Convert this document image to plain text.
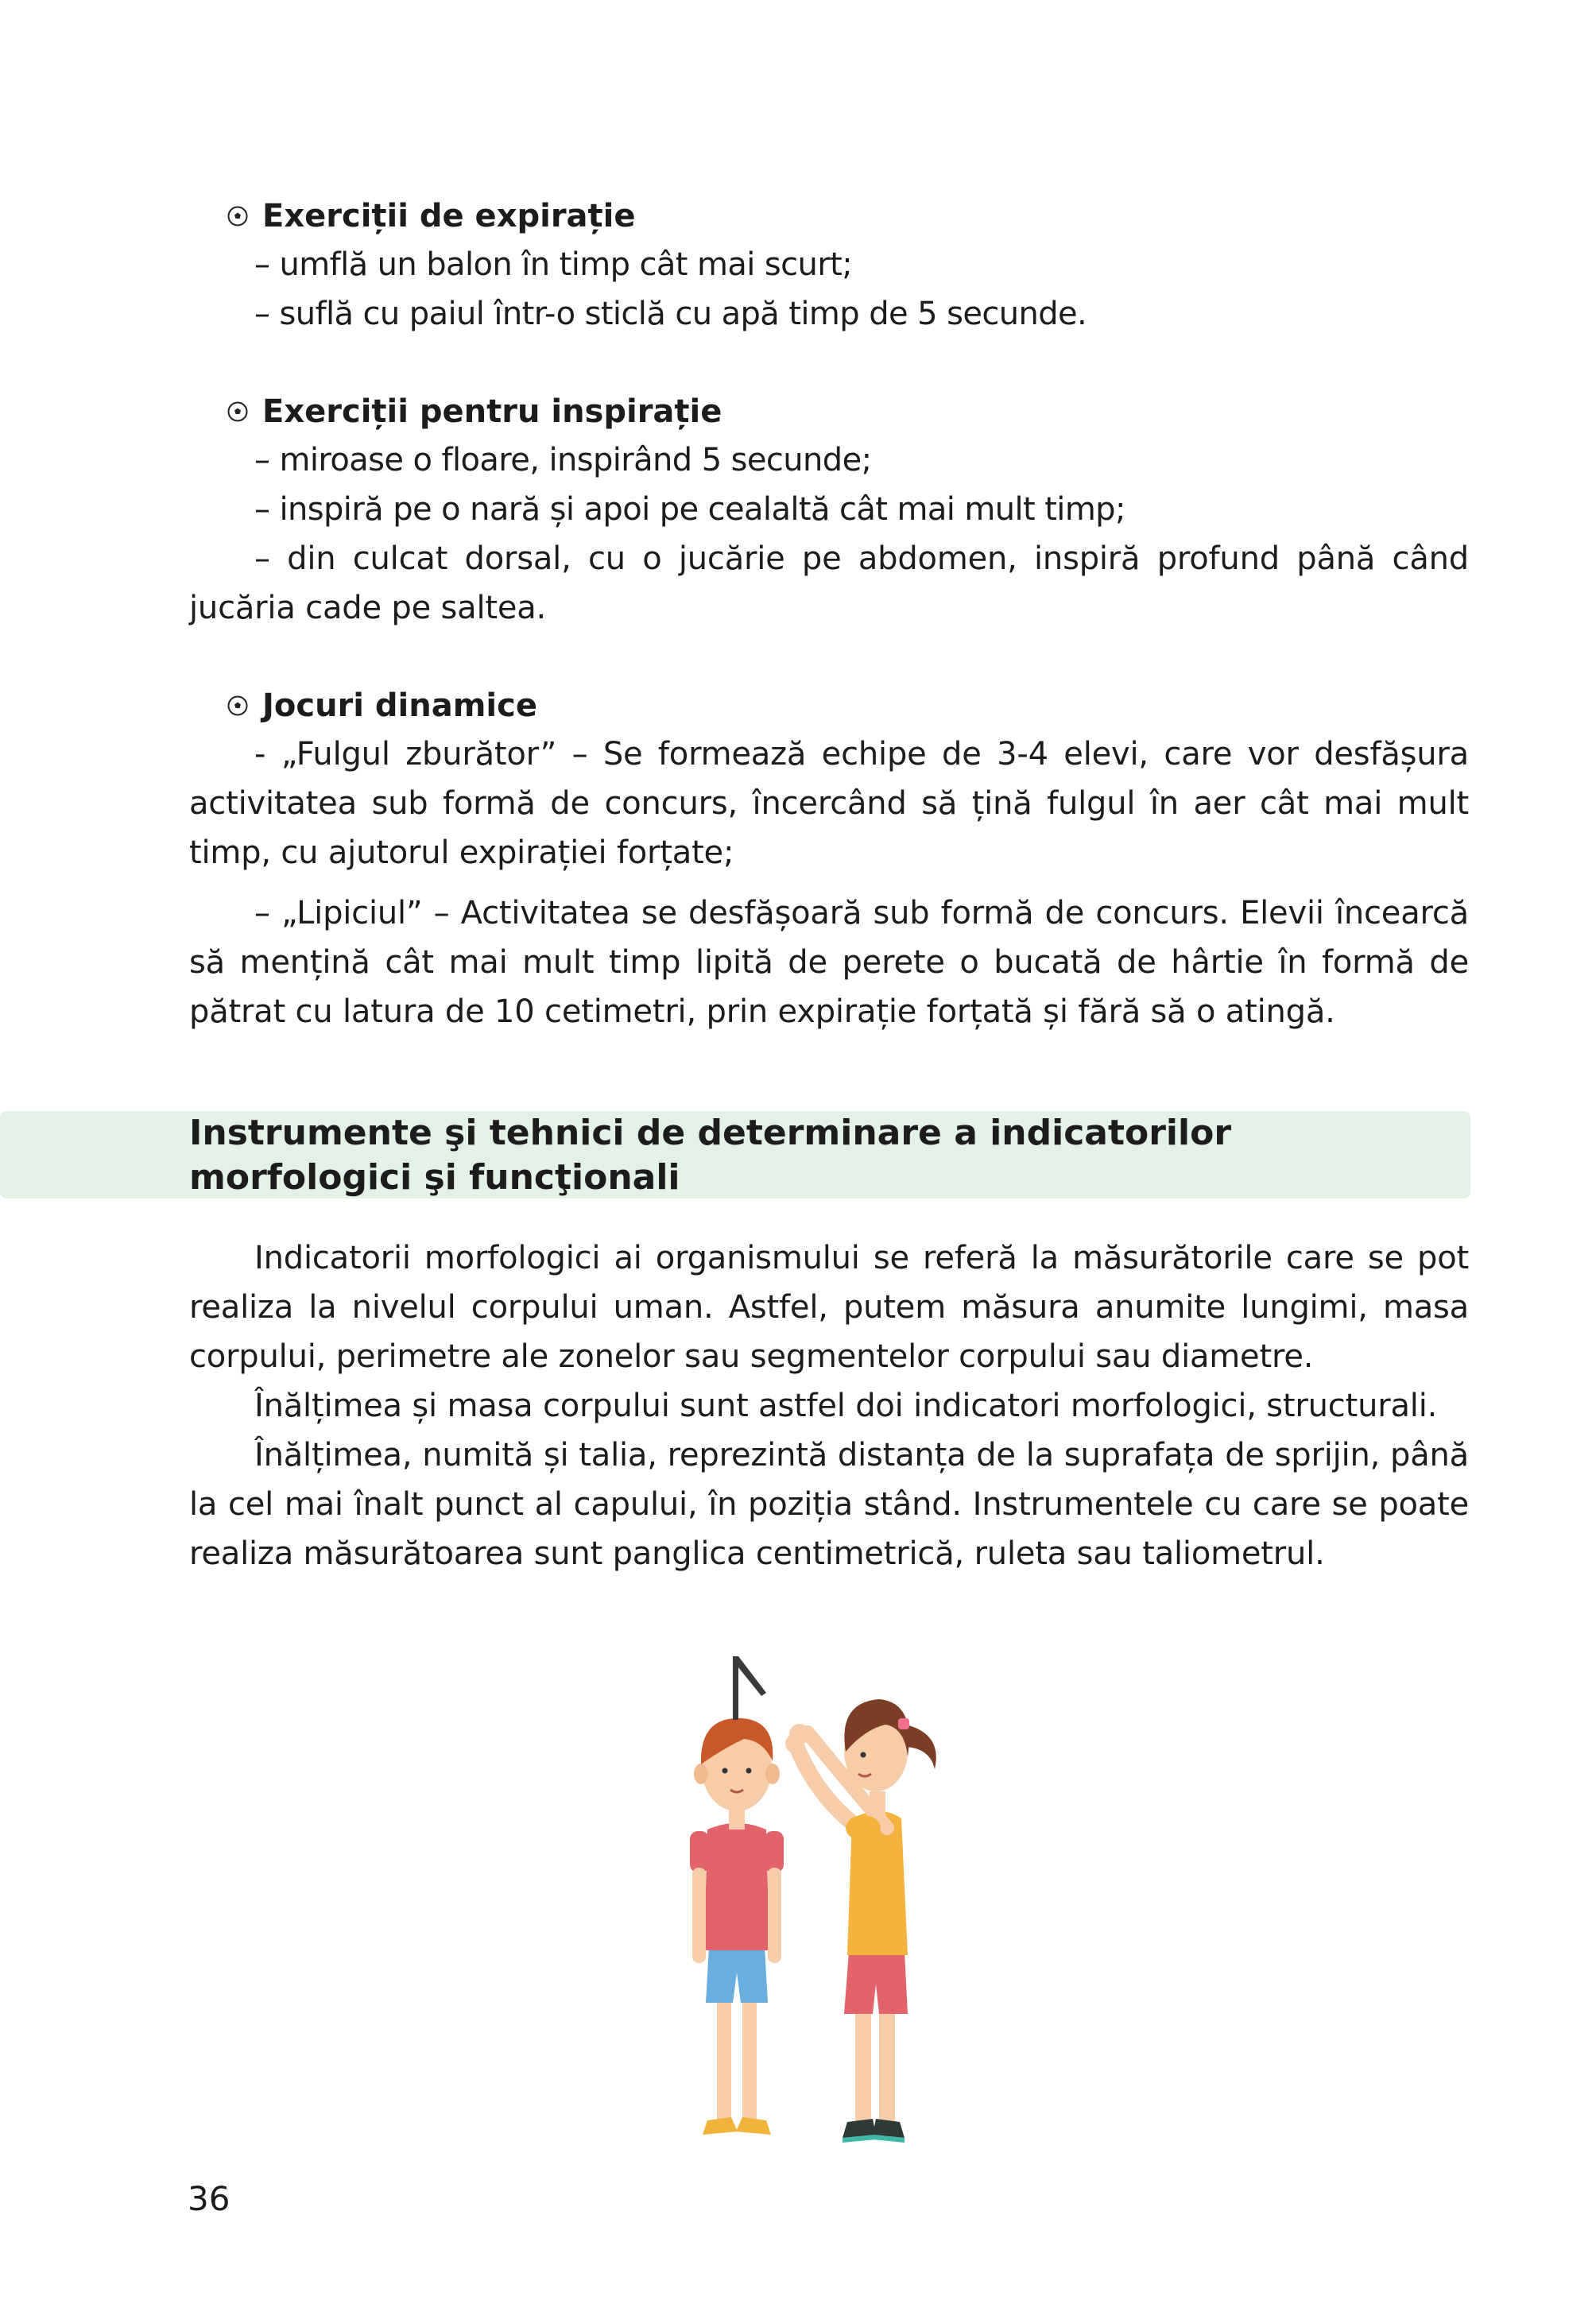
Exerciții de expirație
– umflă un balon în timp cât mai scurt;
– suflă cu paiul într-o sticlă cu apă timp de 5 secunde.
Exerciții pentru inspirație
– miroase o floare, inspirând 5 secunde;
– inspiră pe o nară și apoi pe cealaltă cât mai mult timp;
– din culcat dorsal, cu o jucărie pe abdomen, inspiră profund până când jucăria cade pe saltea.
Jocuri dinamice
- „Fulgul zburător” – Se formează echipe de 3-4 elevi, care vor desfășura activitatea sub formă de concurs, încercând să țină fulgul în aer cât mai mult timp, cu ajutorul expirației forțate;
– „Lipiciul” – Activitatea se desfășoară sub formă de concurs. Elevii încearcă să mențină cât mai mult timp lipită de perete o bucată de hârtie în formă de pătrat cu latura de 10 cetimetri, prin expirație forțată și fără să o atingă.
Instrumente şi tehnici de determinare a indicatorilor
morfologici şi funcţionali
Indicatorii morfologici ai organismului se referă la măsurătorile care se pot realiza la nivelul corpului uman. Astfel, putem măsura anumite lungimi, masa corpului, perimetre ale zonelor sau segmentelor corpului sau diametre.
Înălțimea și masa corpului sunt astfel doi indicatori morfologici, structurali.
Înălțimea, numită și talia, reprezintă distanța de la suprafața de sprijin, până la cel mai înalt punct al capului, în poziția stând. Instrumentele cu care se poate realiza măsurătoarea sunt panglica centimetrică, ruleta sau taliometrul.
36
